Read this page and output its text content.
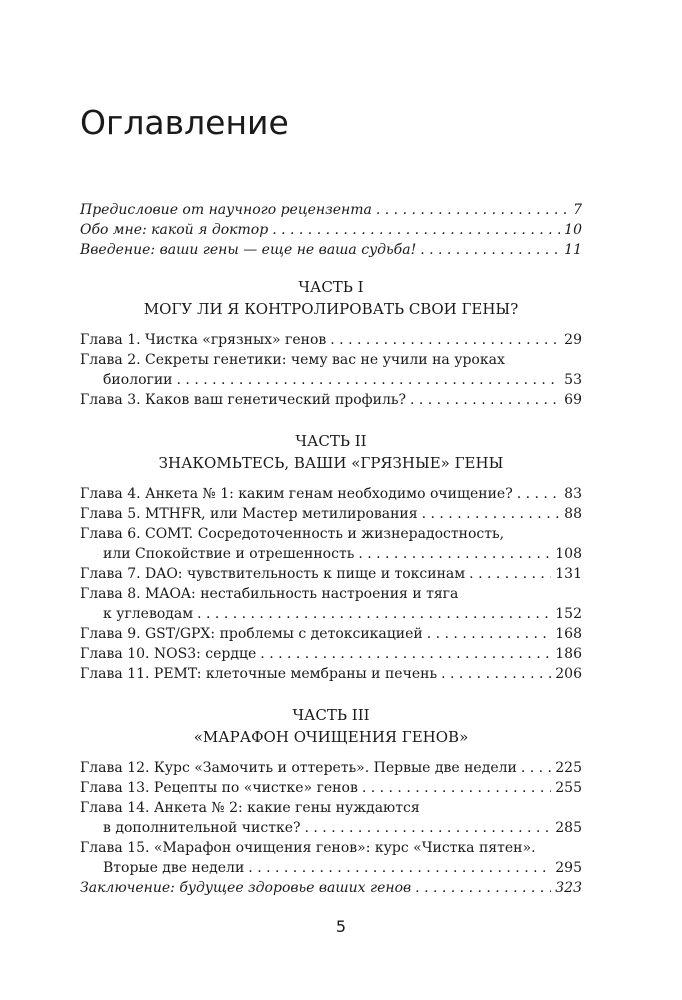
Оглавление
Предисловие от научного рецензента . . .	7
Обо мне: какой я доктор . . .	10
Введение: ваши гены — еще не ваша судьба! . . .	11
ЧАСТЬ I
МОГУ ЛИ Я КОНТРОЛИРОВАТЬ СВОИ ГЕНЫ?
Глава 1. Чистка «грязных» генов . . .	29
Глава 2. Секреты генетики: чему вас не учили на уроках
биологии . . .	53
Глава 3. Каков ваш генетический профиль? . . .	69
ЧАСТЬ II
ЗНАКОМЬТЕСЬ, ВАШИ «ГРЯЗНЫЕ» ГЕНЫ
Глава 4. Анкета № 1: каким генам необходимо очищение? . . .	83
Глава 5. MTHFR, или Мастер метилирования . . .	88
Глава 6. COMT. Сосредоточенность и жизнерадостность,
или Спокойствие и отрешенность . . .	108
Глава 7. DAO: чувствительность к пище и токсинам . . .	131
Глава 8. MAOA: нестабильность настроения и тяга
к углеводам . . .	152
Глава 9. GST/GPX: проблемы с детоксикацией . . .	168
Глава 10. NOS3: сердце . . .	186
Глава 11. PEMT: клеточные мембраны и печень . . .	206
ЧАСТЬ III
«МАРАФОН ОЧИЩЕНИЯ ГЕНОВ»
Глава 12. Курс «Замочить и оттереть». Первые две недели . . .	225
Глава 13. Рецепты по «чистке» генов . . .	255
Глава 14. Анкета № 2: какие гены нуждаются
в дополнительной чистке? . . .	285
Глава 15. «Марафон очищения генов»: курс «Чистка пятен».
Вторые две недели . . .	295
Заключение: будущее здоровье ваших генов . . .	323
5
